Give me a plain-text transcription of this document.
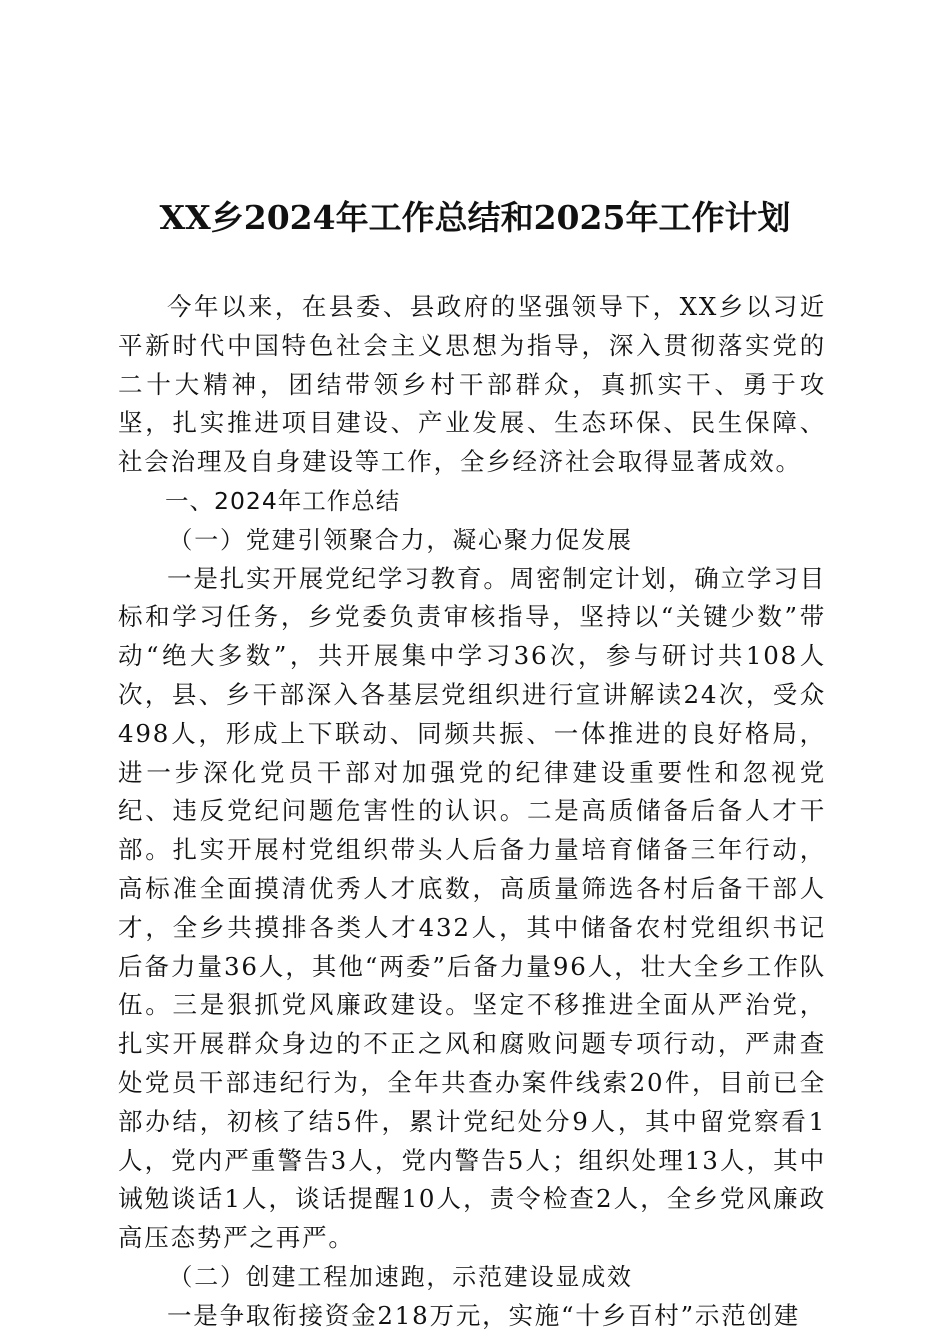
XX乡2024年工作总结和2025年工作计划

今年以来，在县委、县政府的坚强领导下，XX乡以习近平新时代中国特色社会主义思想为指导，深入贯彻落实党的二十大精神，团结带领乡村干部群众，真抓实干、勇于攻坚，扎实推进项目建设、产业发展、生态环保、民生保障、社会治理及自身建设等工作，全乡经济社会取得显著成效。

一、2024年工作总结

（一）党建引领聚合力，凝心聚力促发展

一是扎实开展党纪学习教育。周密制定计划，确立学习目标和学习任务，乡党委负责审核指导，坚持以“关键少数”带动“绝大多数”，共开展集中学习36次，参与研讨共108人次，县、乡干部深入各基层党组织进行宣讲解读24次，受众498人，形成上下联动、同频共振、一体推进的良好格局，进一步深化党员干部对加强党的纪律建设重要性和忽视党纪、违反党纪问题危害性的认识。二是高质储备后备人才干部。扎实开展村党组织带头人后备力量培育储备三年行动，高标准全面摸清优秀人才底数，高质量筛选各村后备干部人才，全乡共摸排各类人才432人，其中储备农村党组织书记后备力量36人，其他“两委”后备力量96人，壮大全乡工作队伍。三是狠抓党风廉政建设。坚定不移推进全面从严治党，扎实开展群众身边的不正之风和腐败问题专项行动，严肃查处党员干部违纪行为，全年共查办案件线索20件，目前已全部办结，初核了结5件，累计党纪处分9人，其中留党察看1人，党内严重警告3人，党内警告5人；组织处理13人，其中诫勉谈话1人，谈话提醒10人，责令检查2人，全乡党风廉政高压态势严之再严。

（二）创建工程加速跑，示范建设显成效

一是争取衔接资金218万元，实施“十乡百村”示范创建
